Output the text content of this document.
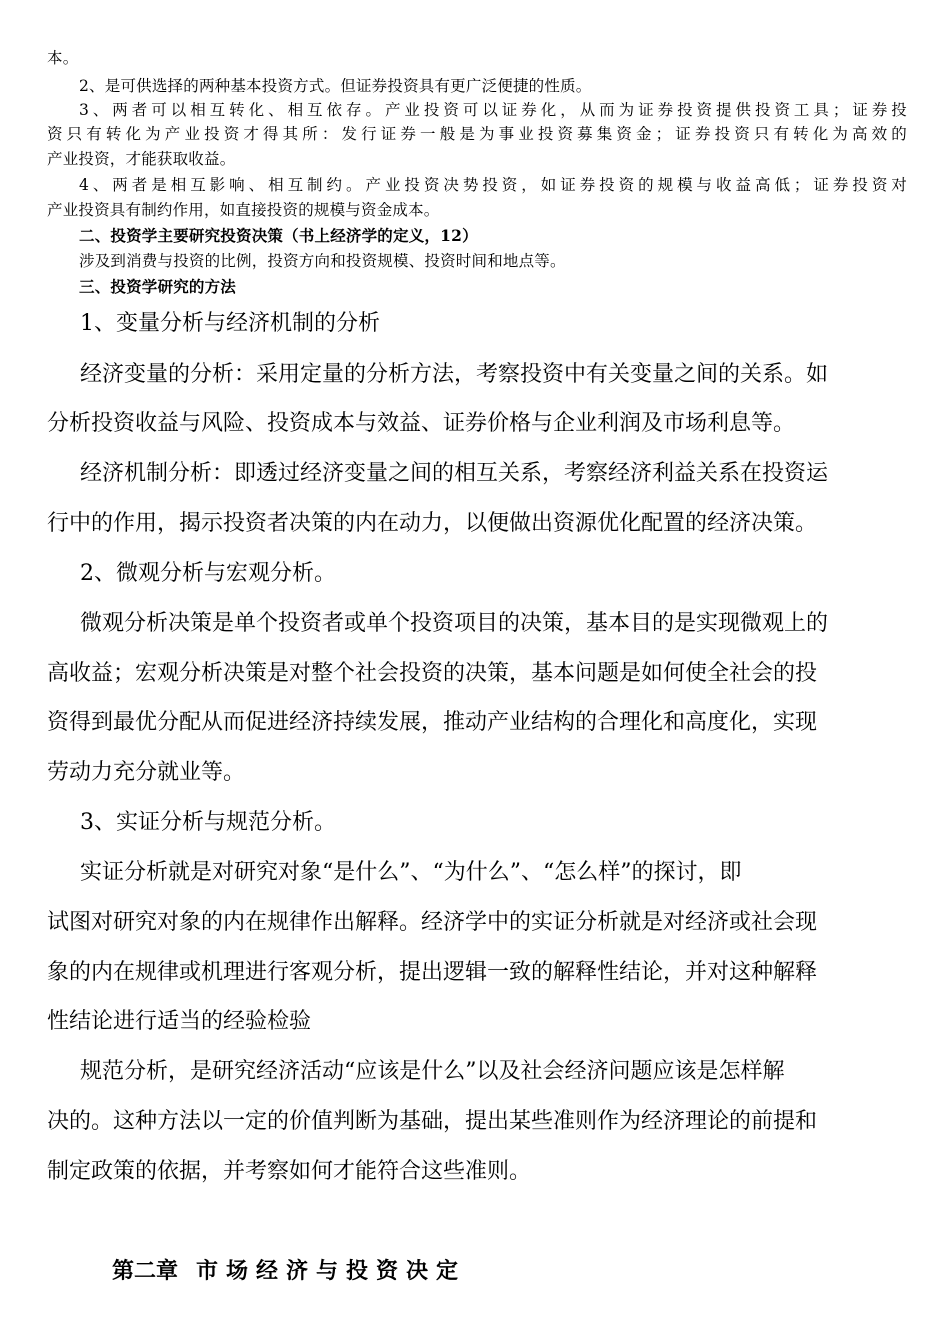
本。
2、是可供选择的两种基本投资方式。但证券投资具有更广泛便捷的性质。
3、两者可以相互转化、相互依存。产业投资可以证券化，从而为证券投资提供投资工具；证券投
资只有转化为产业投资才得其所：发行证券一般是为事业投资募集资金；证券投资只有转化为高效的
产业投资，才能获取收益。
4、两者是相互影响、相互制约。产业投资决势投资，如证券投资的规模与收益高低；证券投资对
产业投资具有制约作用，如直接投资的规模与资金成本。
二、投资学主要研究投资决策（书上经济学的定义，12）
涉及到消费与投资的比例，投资方向和投资规模、投资时间和地点等。
三、投资学研究的方法
1、变量分析与经济机制的分析
经济变量的分析：采用定量的分析方法，考察投资中有关变量之间的关系。如
分析投资收益与风险、投资成本与效益、证券价格与企业利润及市场利息等。
经济机制分析：即透过经济变量之间的相互关系，考察经济利益关系在投资运
行中的作用，揭示投资者决策的内在动力，以便做出资源优化配置的经济决策。
2、微观分析与宏观分析。
微观分析决策是单个投资者或单个投资项目的决策，基本目的是实现微观上的
高收益；宏观分析决策是对整个社会投资的决策，基本问题是如何使全社会的投
资得到最优分配从而促进经济持续发展，推动产业结构的合理化和高度化，实现
劳动力充分就业等。
3、实证分析与规范分析。
实证分析就是对研究对象“是什么”、“为什么”、“怎么样”的探讨，即
试图对研究对象的内在规律作出解释。经济学中的实证分析就是对经济或社会现
象的内在规律或机理进行客观分析，提出逻辑一致的解释性结论，并对这种解释
性结论进行适当的经验检验
规范分析，是研究经济活动“应该是什么”以及社会经济问题应该是怎样解
决的。这种方法以一定的价值判断为基础，提出某些准则作为经济理论的前提和
制定政策的依据，并考察如何才能符合这些准则。
第二章 市场经济与投资决定
